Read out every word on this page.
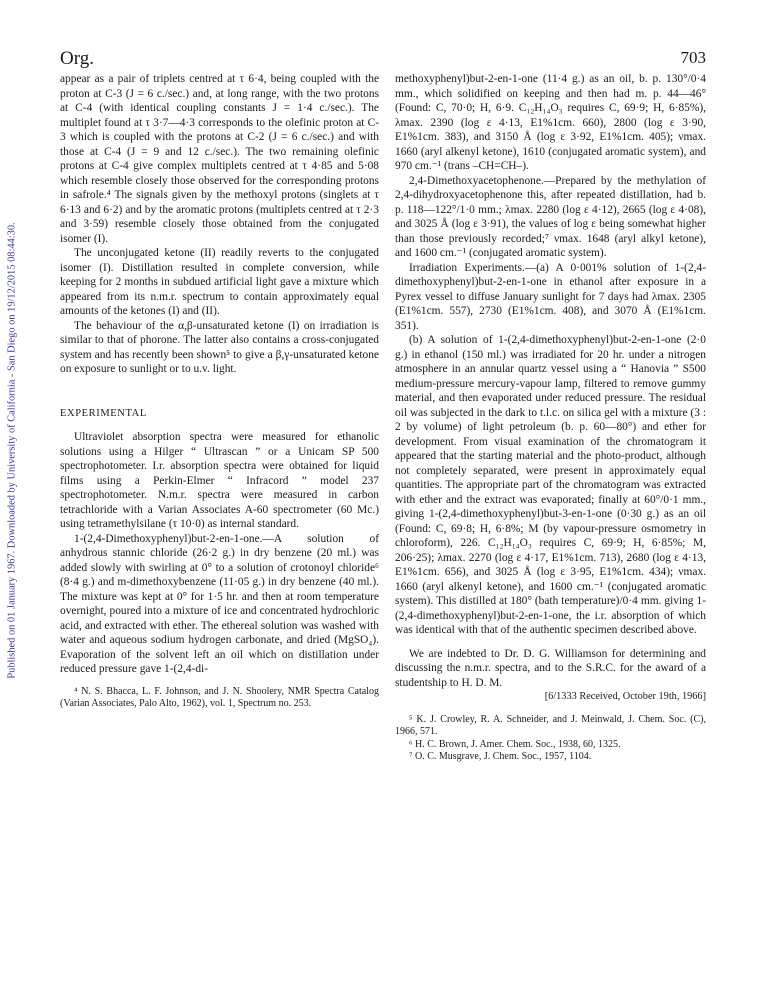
Published on 01 January 1967. Downloaded by University of California - San Diego on 19/12/2015 08:44:30.
Org.	703

appear as a pair of triplets centred at τ 6·4, being coupled with the proton at C-3 (J = 6 c./sec.) and, at long range, with the two protons at C-4 (with identical coupling constants J = 1·4 c./sec.). The multiplet found at τ 3·7—4·3 corresponds to the olefinic proton at C-3 which is coupled with the protons at C-2 (J = 6 c./sec.) and with those at C-4 (J = 9 and 12 c./sec.). The two remaining olefinic protons at C-4 give complex multiplets centred at τ 4·85 and 5·08 which resemble closely those observed for the corresponding protons in safrole.⁴ The signals given by the methoxyl protons (singlets at τ 6·13 and 6·2) and by the aromatic protons (multiplets centred at τ 2·3 and 3·59) resemble closely those obtained from the conjugated isomer (I).

The unconjugated ketone (II) readily reverts to the conjugated isomer (I). Distillation resulted in complete conversion, while keeping for 2 months in subdued artificial light gave a mixture which appeared from its n.m.r. spectrum to contain approximately equal amounts of the ketones (I) and (II).

The behaviour of the α,β-unsaturated ketone (I) on irradiation is similar to that of phorone. The latter also contains a cross-conjugated system and has recently been shown⁵ to give a β,γ-unsaturated ketone on exposure to sunlight or to u.v. light.

EXPERIMENTAL

Ultraviolet absorption spectra were measured for ethanolic solutions using a Hilger “ Ultrascan ” or a Unicam SP 500 spectrophotometer. I.r. absorption spectra were obtained for liquid films using a Perkin-Elmer “ Infracord ” model 237 spectrophotometer. N.m.r. spectra were measured in carbon tetrachloride with a Varian Associates A-60 spectrometer (60 Mc.) using tetramethylsilane (τ 10·0) as internal standard.

1-(2,4-Dimethoxyphenyl)but-2-en-1-one.—A solution of anhydrous stannic chloride (26·2 g.) in dry benzene (20 ml.) was added slowly with swirling at 0° to a solution of crotonoyl chloride⁶ (8·4 g.) and m-dimethoxybenzene (11·05 g.) in dry benzene (40 ml.). The mixture was kept at 0° for 1·5 hr. and then at room temperature overnight, poured into a mixture of ice and concentrated hydrochloric acid, and extracted with ether. The ethereal solution was washed with water and aqueous sodium hydrogen carbonate, and dried (MgSO₄). Evaporation of the solvent left an oil which on distillation under reduced pressure gave 1-(2,4-di-

⁴ N. S. Bhacca, L. F. Johnson, and J. N. Shoolery, NMR Spectra Catalog (Varian Associates, Palo Alto, 1962), vol. 1, Spectrum no. 253.

methoxyphenyl)but-2-en-1-one (11·4 g.) as an oil, b. p. 130°/0·4 mm., which solidified on keeping and then had m. p. 44—46° (Found: C, 70·0; H, 6·9. C₁₂H₁₄O₃ requires C, 69·9; H, 6·85%), λmax. 2390 (log ε 4·13, E1%1cm. 660), 2800 (log ε 3·90, E1%1cm. 383), and 3150 Å (log ε 3·92, E1%1cm. 405); νmax. 1660 (aryl alkenyl ketone), 1610 (conjugated aromatic system), and 970 cm.⁻¹ (trans –CH=CH–).

2,4-Dimethoxyacetophenone.—Prepared by the methylation of 2,4-dihydroxyacetophenone this, after repeated distillation, had b. p. 118—122°/1·0 mm.; λmax. 2280 (log ε 4·12), 2665 (log ε 4·08), and 3025 Å (log ε 3·91), the values of log ε being somewhat higher than those previously recorded;⁷ νmax. 1648 (aryl alkyl ketone), and 1600 cm.⁻¹ (conjugated aromatic system).

Irradiation Experiments.—(a) A 0·001% solution of 1-(2,4-dimethoxyphenyl)but-2-en-1-one in ethanol after exposure in a Pyrex vessel to diffuse January sunlight for 7 days had λmax. 2305 (E1%1cm. 557), 2730 (E1%1cm. 408), and 3070 Å (E1%1cm. 351).

(b) A solution of 1-(2,4-dimethoxyphenyl)but-2-en-1-one (2·0 g.) in ethanol (150 ml.) was irradiated for 20 hr. under a nitrogen atmosphere in an annular quartz vessel using a “ Hanovia ” S500 medium-pressure mercury-vapour lamp, filtered to remove gummy material, and then evaporated under reduced pressure. The residual oil was subjected in the dark to t.l.c. on silica gel with a mixture (3 : 2 by volume) of light petroleum (b. p. 60—80°) and ether for development. From visual examination of the chromatogram it appeared that the starting material and the photo-product, although not completely separated, were present in approximately equal quantities. The appropriate part of the chromatogram was extracted with ether and the extract was evaporated; finally at 60°/0·1 mm., giving 1-(2,4-dimethoxyphenyl)but-3-en-1-one (0·30 g.) as an oil (Found: C, 69·8; H, 6·8%; M (by vapour-pressure osmometry in chloroform), 226. C₁₂H₁₄O₃ requires C, 69·9; H, 6·85%; M, 206·25); λmax. 2270 (log ε 4·17, E1%1cm. 713), 2680 (log ε 4·13, E1%1cm. 656), and 3025 Å (log ε 3·95, E1%1cm. 434); νmax. 1660 (aryl alkenyl ketone), and 1600 cm.⁻¹ (conjugated aromatic system). This distilled at 180° (bath temperature)/0·4 mm. giving 1-(2,4-dimethoxyphenyl)but-2-en-1-one, the i.r. absorption of which was identical with that of the authentic specimen described above.

We are indebted to Dr. D. G. Williamson for determining and discussing the n.m.r. spectra, and to the S.R.C. for the award of a studentship to H. D. M.

[6/1333 Received, October 19th, 1966]

⁵ K. J. Crowley, R. A. Schneider, and J. Meinwald, J. Chem. Soc. (C), 1966, 571.

⁶ H. C. Brown, J. Amer. Chem. Soc., 1938, 60, 1325.

⁷ O. C. Musgrave, J. Chem. Soc., 1957, 1104.
